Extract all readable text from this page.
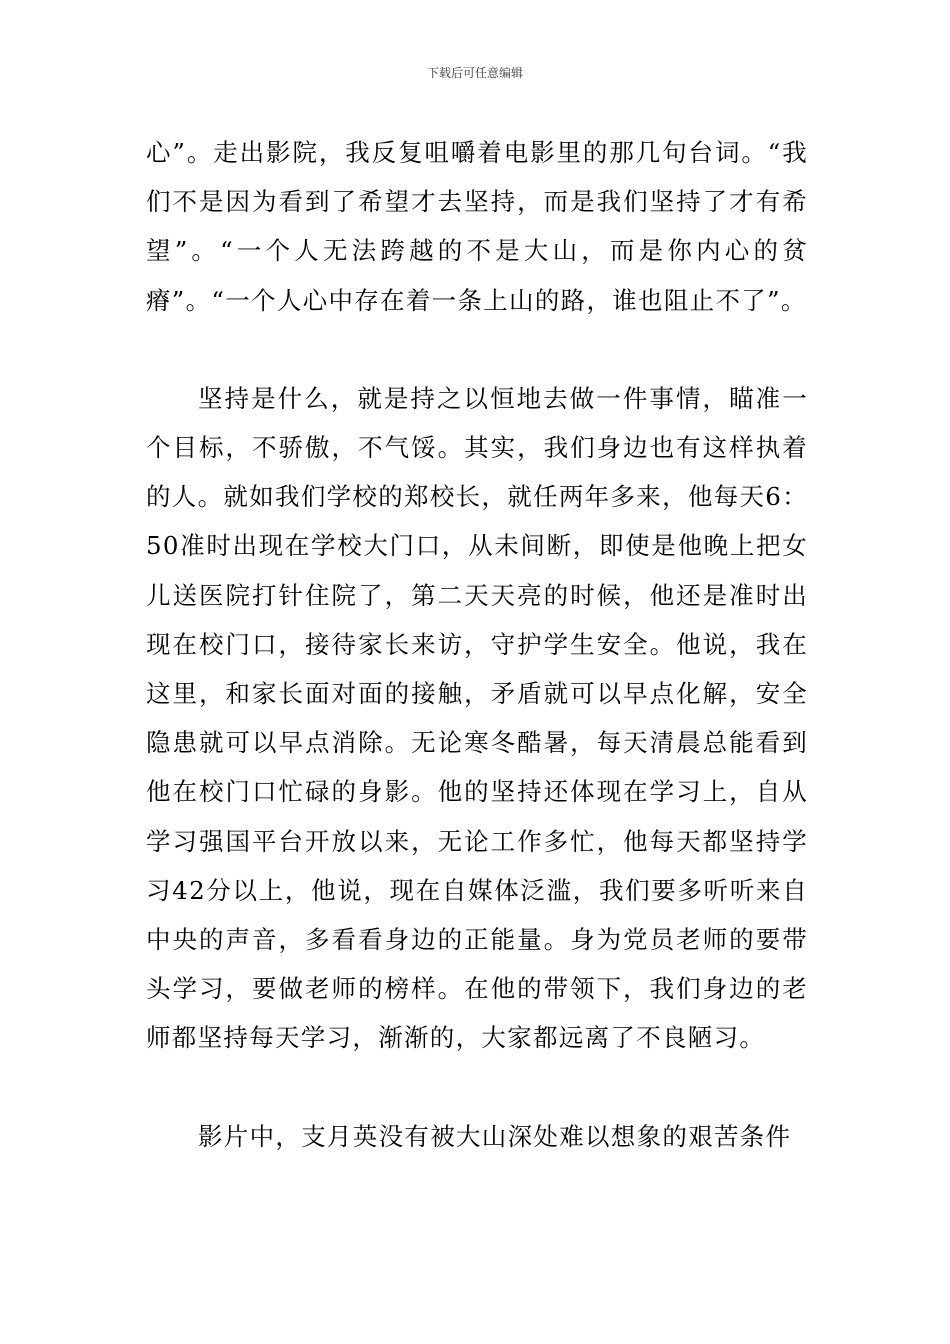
下载后可任意编辑

心”。走出影院，我反复咀嚼着电影里的那几句台词。“我们不是因为看到了希望才去坚持，而是我们坚持了才有希望”。“一个人无法跨越的不是大山，而是你内心的贫瘠”。“一个人心中存在着一条上山的路，谁也阻止不了”。

坚持是什么，就是持之以恒地去做一件事情，瞄准一个目标，不骄傲，不气馁。其实，我们身边也有这样执着的人。就如我们学校的郑校长，就任两年多来，他每天6：50准时出现在学校大门口，从未间断，即使是他晚上把女儿送医院打针住院了，第二天天亮的时候，他还是准时出现在校门口，接待家长来访，守护学生安全。他说，我在这里，和家长面对面的接触，矛盾就可以早点化解，安全隐患就可以早点消除。无论寒冬酷暑，每天清晨总能看到他在校门口忙碌的身影。他的坚持还体现在学习上，自从学习强国平台开放以来，无论工作多忙，他每天都坚持学习42分以上，他说，现在自媒体泛滥，我们要多听听来自中央的声音，多看看身边的正能量。身为党员老师的要带头学习，要做老师的榜样。在他的带领下，我们身边的老师都坚持每天学习，渐渐的，大家都远离了不良陋习。

影片中，支月英没有被大山深处难以想象的艰苦条件
